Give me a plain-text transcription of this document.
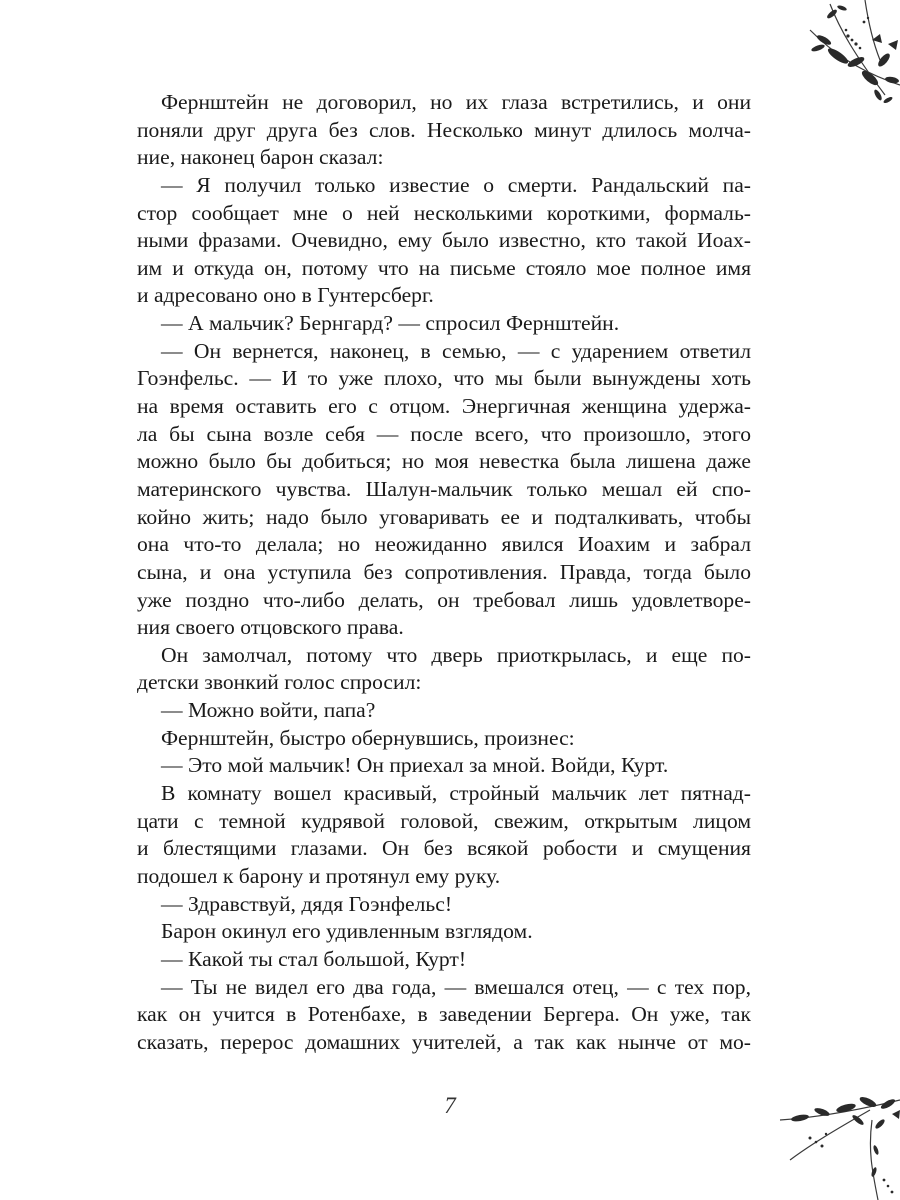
Фернштейн не договорил, но их глаза встретились, и они
поняли друг друга без слов. Несколько минут длилось молча-
ние, наконец барон сказал:
— Я получил только известие о смерти. Рандальский па-
стор сообщает мне о ней несколькими короткими, формаль-
ными фразами. Очевидно, ему было известно, кто такой Иоах-
им и откуда он, потому что на письме стояло мое полное имя
и адресовано оно в Гунтерсберг.
— А мальчик? Бернгард? — спросил Фернштейн.
— Он вернется, наконец, в семью, — с ударением ответил
Гоэнфельс. — И то уже плохо, что мы были вынуждены хоть
на время оставить его с отцом. Энергичная женщина удержа-
ла бы сына возле себя — после всего, что произошло, этого
можно было бы добиться; но моя невестка была лишена даже
материнского чувства. Шалун-мальчик только мешал ей спо-
койно жить; надо было уговаривать ее и подталкивать, чтобы
она что-то делала; но неожиданно явился Иоахим и забрал
сына, и она уступила без сопротивления. Правда, тогда было
уже поздно что-либо делать, он требовал лишь удовлетворе-
ния своего отцовского права.
Он замолчал, потому что дверь приоткрылась, и еще по-
детски звонкий голос спросил:
— Можно войти, папа?
Фернштейн, быстро обернувшись, произнес:
— Это мой мальчик! Он приехал за мной. Войди, Курт.
В комнату вошел красивый, стройный мальчик лет пятнад-
цати с темной кудрявой головой, свежим, открытым лицом
и блестящими глазами. Он без всякой робости и смущения
подошел к барону и протянул ему руку.
— Здравствуй, дядя Гоэнфельс!
Барон окинул его удивленным взглядом.
— Какой ты стал большой, Курт!
— Ты не видел его два года, — вмешался отец, — с тех пор,
как он учится в Ротенбахе, в заведении Бергера. Он уже, так
сказать, перерос домашних учителей, а так как нынче от мо-
7
